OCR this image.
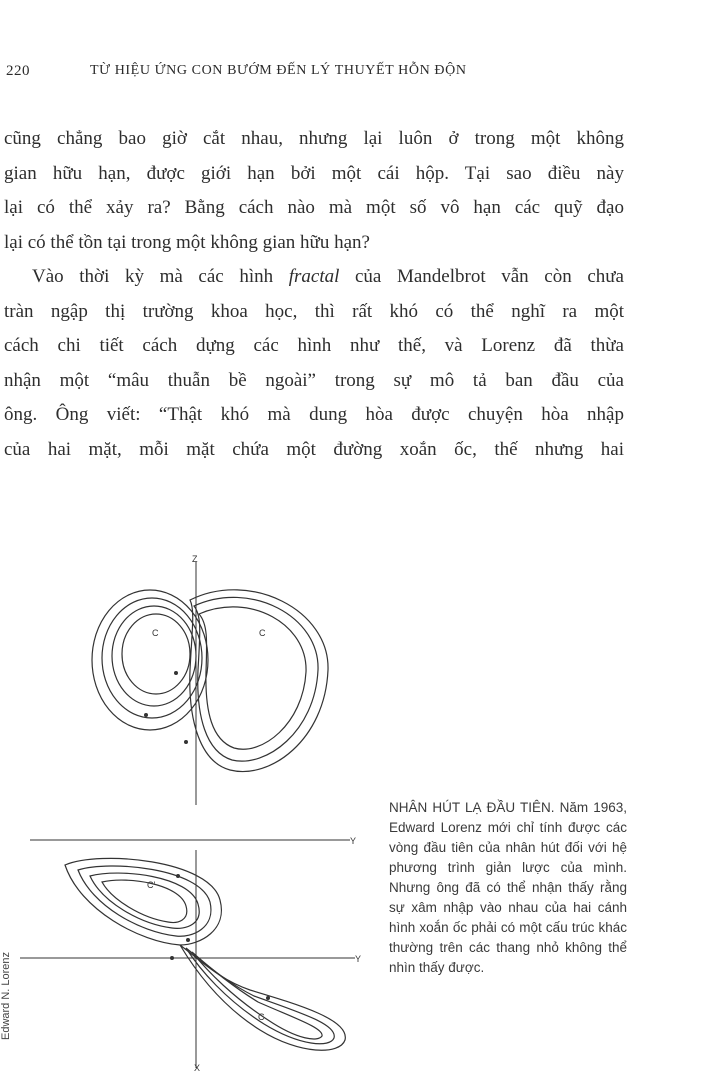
220	TỪ HIỆU ỨNG CON BƯỚM ĐẾN LÝ THUYẾT HỖN ĐỘN

cũng chẳng bao giờ cắt nhau, nhưng lại luôn ở trong một không

gian hữu hạn, được giới hạn bởi một cái hộp. Tại sao điều này

lại có thể xảy ra? Bằng cách nào mà một số vô hạn các quỹ đạo

lại có thể tồn tại trong một không gian hữu hạn?

Vào thời kỳ mà các hình fractal của Mandelbrot vẫn còn chưa

tràn ngập thị trường khoa học, thì rất khó có thể nghĩ ra một

cách chi tiết cách dựng các hình như thế, và Lorenz đã thừa

nhận một “mâu thuẫn bề ngoài” trong sự mô tả ban đầu của

ông. Ông viết: “Thật khó mà dung hòa được chuyện hòa nhập

của hai mặt, mỗi mặt chứa một đường xoắn ốc, thế nhưng hai

Z
Y
Y
X
C	C
C'
C
NHÂN HÚT LẠ ĐẦU TIÊN. Năm 1963, Edward Lorenz mới chỉ tính được các vòng đầu tiên của nhân hút đối với hệ phương trình giản lược của mình. Nhưng ông đã có thể nhận thấy rằng sự xâm nhập vào nhau của hai cánh hình xoắn ốc phải có một cấu trúc khác thường trên các thang nhỏ không thể nhìn thấy được.
Edward N. Lorenz
